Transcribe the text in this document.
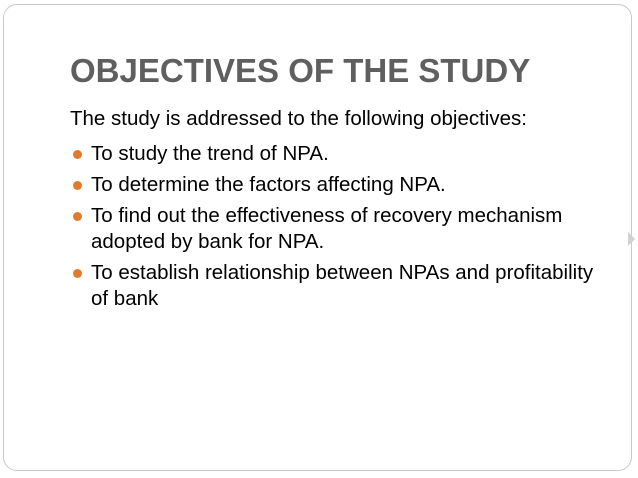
OBJECTIVES OF THE STUDY
The study is addressed to the following objectives:
To study the trend of NPA.
To determine the factors affecting NPA.
To find out the effectiveness of recovery mechanism adopted by bank for NPA.
To establish relationship between NPAs and profitability of bank
